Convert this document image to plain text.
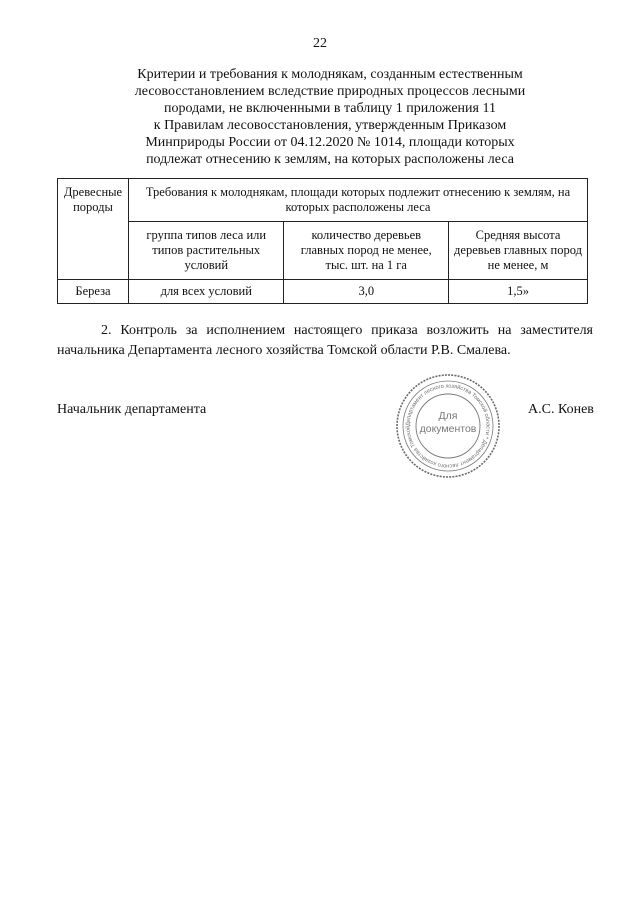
22
Критерии и требования к молоднякам, созданным естественным
лесовосстановлением вследствие природных процессов лесными
породами, не включенными в таблицу 1 приложения 11
к Правилам лесовосстановления, утвержденным Приказом
Минприроды России от 04.12.2020 № 1014, площади которых
подлежат отнесению к землям, на которых расположены леса
Древесные породы	Требования к молоднякам, площади которых подлежит отнесению к землям, на которых расположены леса		
	группа типов леса или типов растительных условий	количество деревьев главных пород не менее, тыс. шт. на 1 га	Средняя высота деревьев главных пород не менее, м
Береза	для всех условий	3,0	1,5»
2. Контроль за исполнением настоящего приказа возложить на заместителя
начальника Департамента лесного хозяйства Томской области Р.В. Смалева.
Начальник департамента
Департамент лесного хозяйства Томской области * Департамент лесного хозяйства Томской
Для
документов
А.С. Конев
